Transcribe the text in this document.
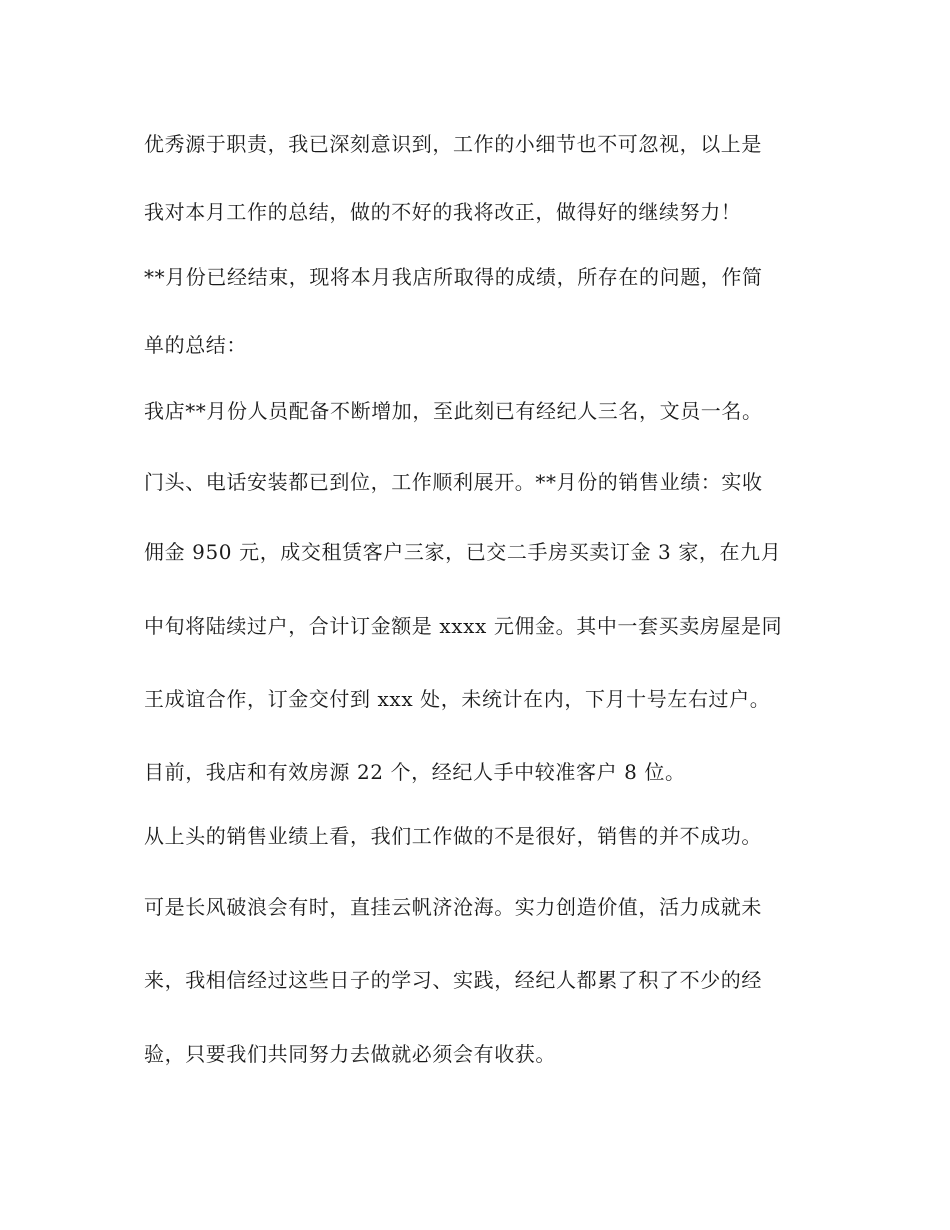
优秀源于职责，我已深刻意识到，工作的小细节也不可忽视，以上是
我对本月工作的总结，做的不好的我将改正，做得好的继续努力！
**月份已经结束，现将本月我店所取得的成绩，所存在的问题，作简
单的总结：
我店**月份人员配备不断增加，至此刻已有经纪人三名，文员一名。
门头、电话安装都已到位，工作顺利展开。**月份的销售业绩：实收
佣金 950 元，成交租赁客户三家，已交二手房买卖订金 3 家，在九月
中旬将陆续过户，合计订金额是 xxxx 元佣金。其中一套买卖房屋是同
王成谊合作，订金交付到 xxx 处，未统计在内，下月十号左右过户。
目前，我店和有效房源 22 个，经纪人手中较准客户 8 位。
从上头的销售业绩上看，我们工作做的不是很好，销售的并不成功。
可是长风破浪会有时，直挂云帆济沧海。实力创造价值，活力成就未
来，我相信经过这些日子的学习、实践，经纪人都累了积了不少的经
验，只要我们共同努力去做就必须会有收获。
